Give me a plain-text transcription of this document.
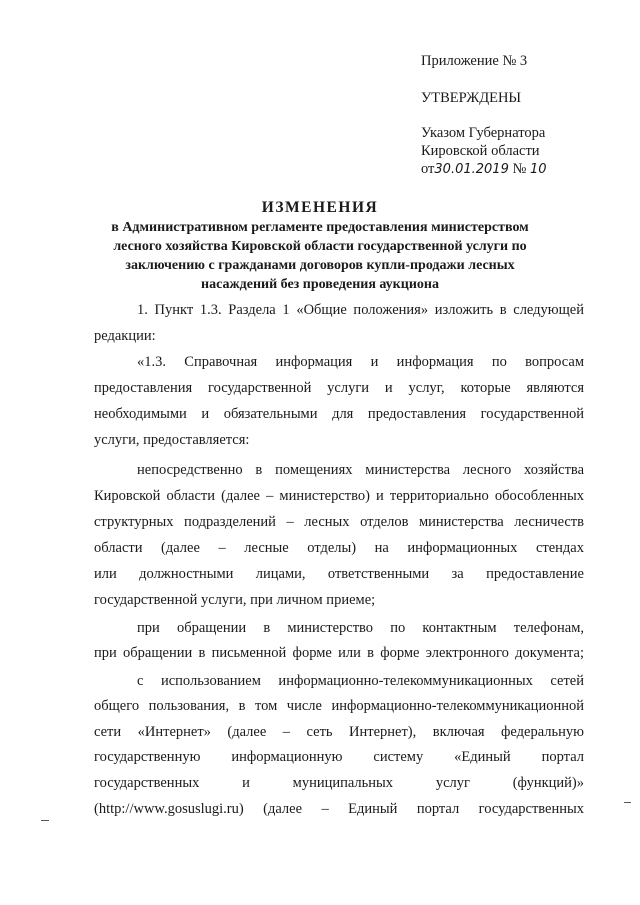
Приложение № 3
УТВЕРЖДЕНЫ
Указом Губернатора
Кировской области
от30.01.2019 № 10
ИЗМЕНЕНИЯ
в Административном регламенте предоставления министерством
лесного хозяйства Кировской области государственной услуги по
заключению с гражданами договоров купли-продажи лесных
насаждений без проведения аукциона
1. Пункт 1.3. Раздела 1 «Общие положения» изложить в следующей
редакции:
«1.3. Справочная информация и информация по вопросам
предоставления государственной услуги и услуг, которые являются
необходимыми и обязательными для предоставления государственной
услуги, предоставляется:
непосредственно в помещениях министерства лесного хозяйства
Кировской области (далее – министерство) и территориально обособленных
структурных подразделений – лесных отделов министерства лесничеств
области (далее – лесные отделы) на информационных стендах
или должностными лицами, ответственными за предоставление
государственной услуги, при личном приеме;
при обращении в министерство по контактным телефонам,
при обращении в письменной форме или в форме электронного документа;
с использованием информационно-телекоммуникационных сетей
общего пользования, в том числе информационно-телекоммуникационной
сети «Интернет» (далее – сеть Интернет), включая федеральную
государственную информационную систему «Единый портал
государственных и муниципальных услуг (функций)»
(http://www.gosuslugi.ru) (далее – Единый портал государственных
